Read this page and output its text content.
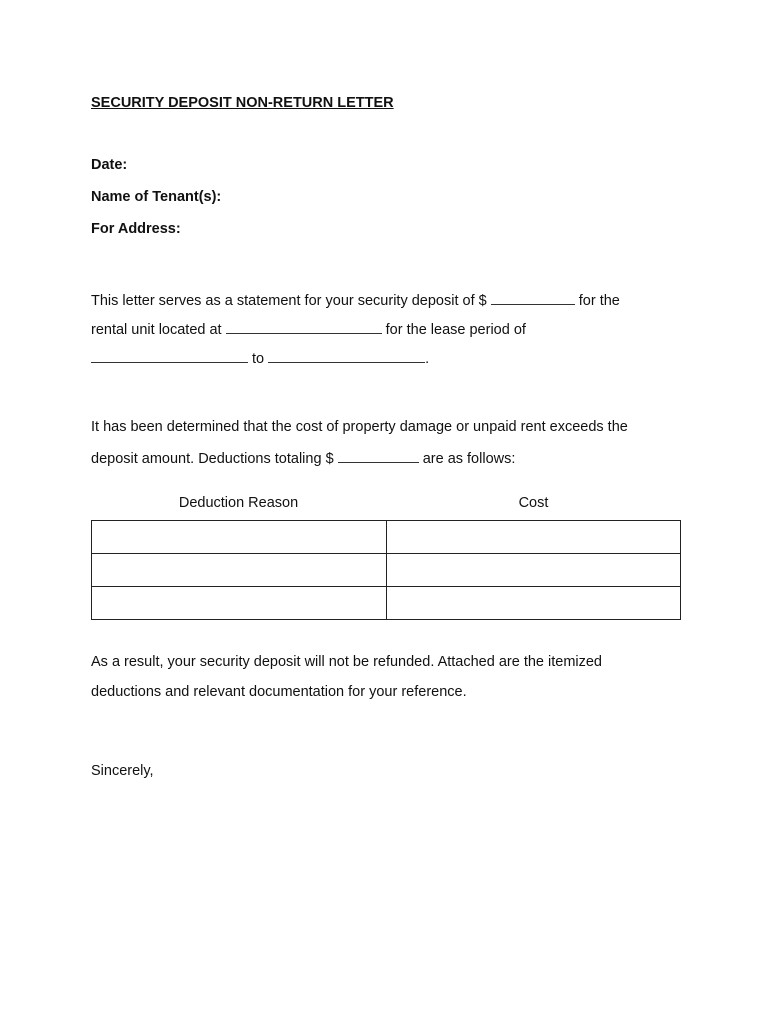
SECURITY DEPOSIT NON-RETURN LETTER
Date:
Name of Tenant(s):
For Address:
This letter serves as a statement for your security deposit of $	for the
rental unit located at	for the lease period of
to	.
It has been determined that the cost of property damage or unpaid rent exceeds the
deposit amount. Deductions totaling $	are as follows:
Deduction Reason	Cost

As a result, your security deposit will not be refunded. Attached are the itemized
deductions and relevant documentation for your reference.
Sincerely,
